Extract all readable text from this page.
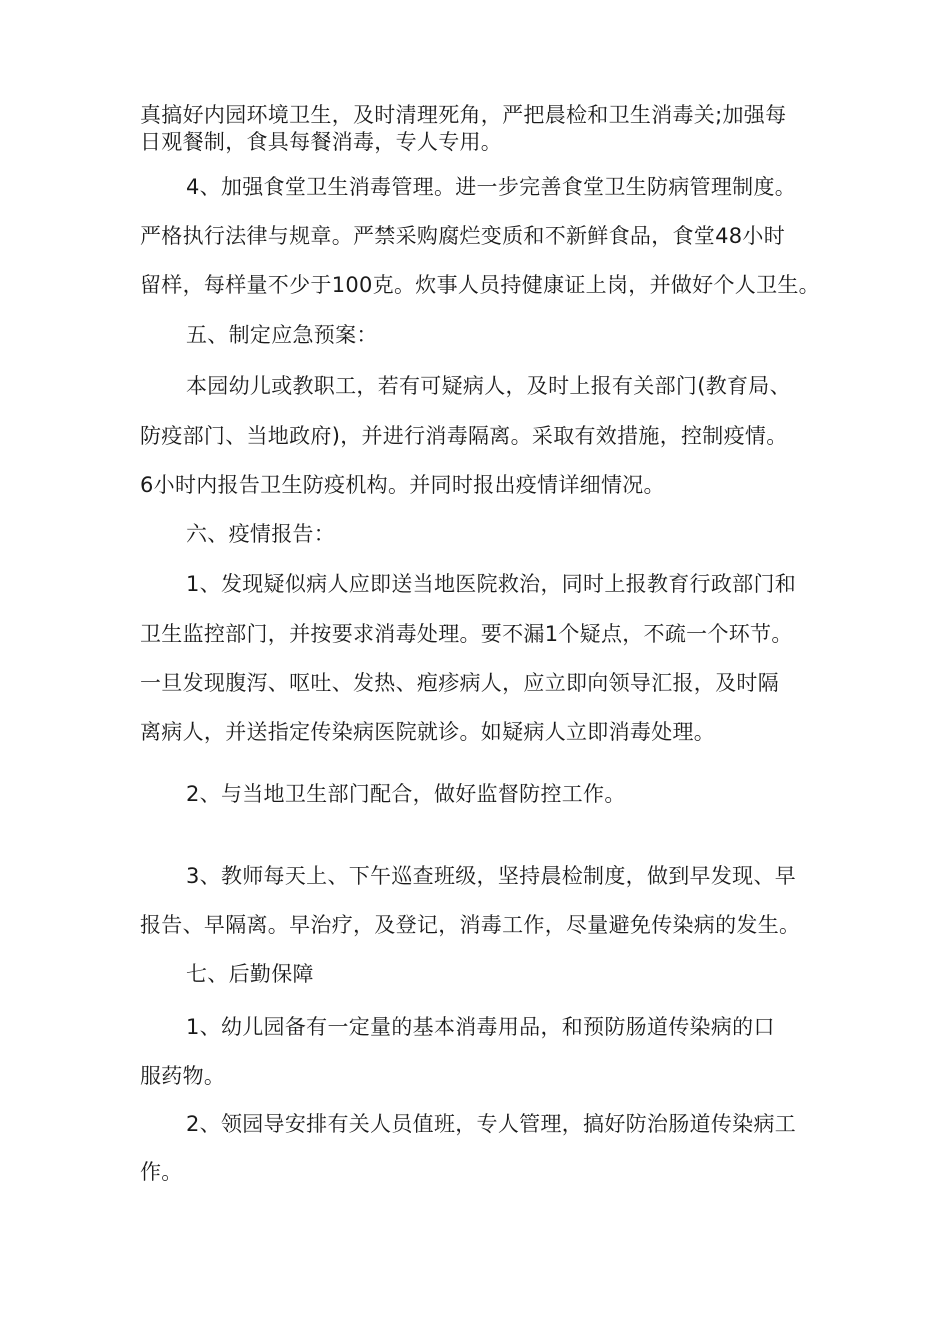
真搞好内园环境卫生，及时清理死角，严把晨检和卫生消毒关;加强每
日观餐制，食具每餐消毒，专人专用。
4、加强食堂卫生消毒管理。进一步完善食堂卫生防病管理制度。
严格执行法律与规章。严禁采购腐烂变质和不新鲜食品，食堂48小时
留样，每样量不少于100克。炊事人员持健康证上岗，并做好个人卫生。
五、制定应急预案：
本园幼儿或教职工，若有可疑病人，及时上报有关部门(教育局、
防疫部门、当地政府)，并进行消毒隔离。采取有效措施，控制疫情。
6小时内报告卫生防疫机构。并同时报出疫情详细情况。
六、疫情报告：
1、发现疑似病人应即送当地医院救治，同时上报教育行政部门和
卫生监控部门，并按要求消毒处理。要不漏1个疑点，不疏一个环节。
一旦发现腹泻、呕吐、发热、疱疹病人，应立即向领导汇报，及时隔
离病人，并送指定传染病医院就诊。如疑病人立即消毒处理。
2、与当地卫生部门配合，做好监督防控工作。
3、教师每天上、下午巡查班级，坚持晨检制度，做到早发现、早
报告、早隔离。早治疗，及登记，消毒工作，尽量避免传染病的发生。
七、后勤保障
1、幼儿园备有一定量的基本消毒用品，和预防肠道传染病的口
服药物。
2、领园导安排有关人员值班，专人管理，搞好防治肠道传染病工
作。
